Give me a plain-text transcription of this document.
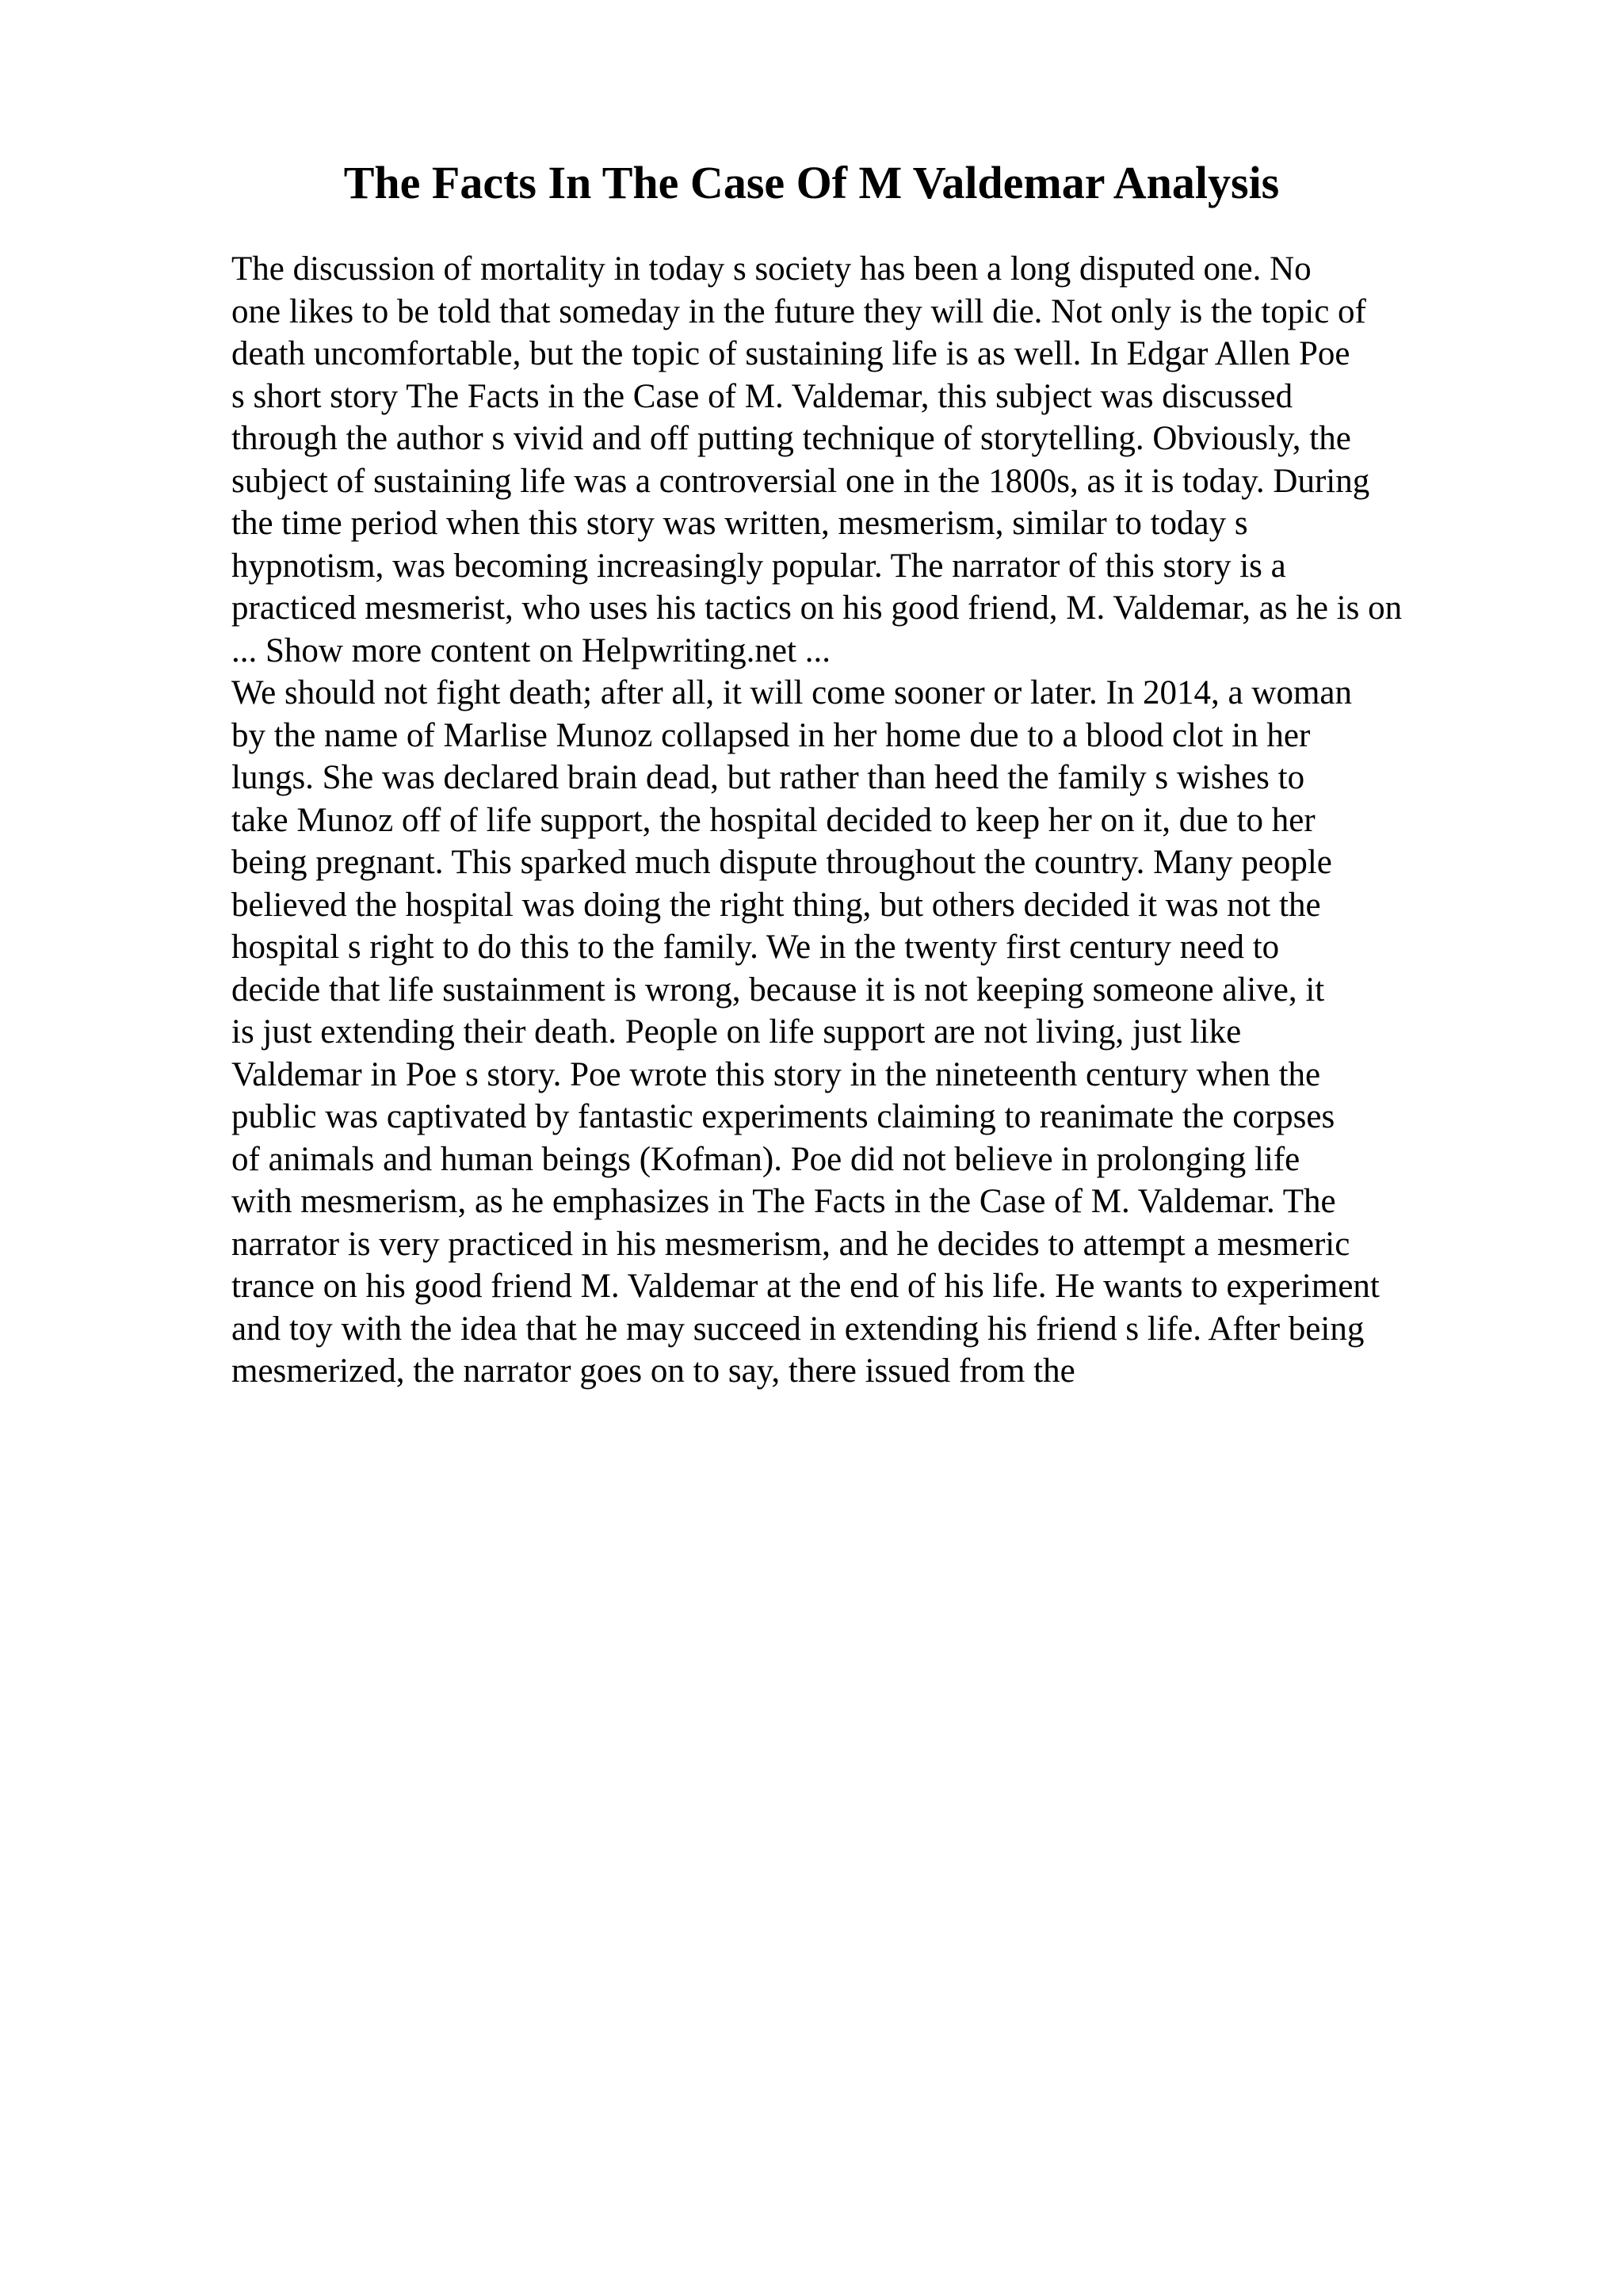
The Facts In The Case Of M Valdemar Analysis
The discussion of mortality in today s society has been a long disputed one. No
one likes to be told that someday in the future they will die. Not only is the topic of
death uncomfortable, but the topic of sustaining life is as well. In Edgar Allen Poe
s short story The Facts in the Case of M. Valdemar, this subject was discussed
through the author s vivid and off putting technique of storytelling. Obviously, the
subject of sustaining life was a controversial one in the 1800s, as it is today. During
the time period when this story was written, mesmerism, similar to today s
hypnotism, was becoming increasingly popular. The narrator of this story is a
practiced mesmerist, who uses his tactics on his good friend, M. Valdemar, as he is on
... Show more content on Helpwriting.net ...
We should not fight death; after all, it will come sooner or later. In 2014, a woman
by the name of Marlise Munoz collapsed in her home due to a blood clot in her
lungs. She was declared brain dead, but rather than heed the family s wishes to
take Munoz off of life support, the hospital decided to keep her on it, due to her
being pregnant. This sparked much dispute throughout the country. Many people
believed the hospital was doing the right thing, but others decided it was not the
hospital s right to do this to the family. We in the twenty first century need to
decide that life sustainment is wrong, because it is not keeping someone alive, it
is just extending their death. People on life support are not living, just like
Valdemar in Poe s story. Poe wrote this story in the nineteenth century when the
public was captivated by fantastic experiments claiming to reanimate the corpses
of animals and human beings (Kofman). Poe did not believe in prolonging life
with mesmerism, as he emphasizes in The Facts in the Case of M. Valdemar. The
narrator is very practiced in his mesmerism, and he decides to attempt a mesmeric
trance on his good friend M. Valdemar at the end of his life. He wants to experiment
and toy with the idea that he may succeed in extending his friend s life. After being
mesmerized, the narrator goes on to say, there issued from the
